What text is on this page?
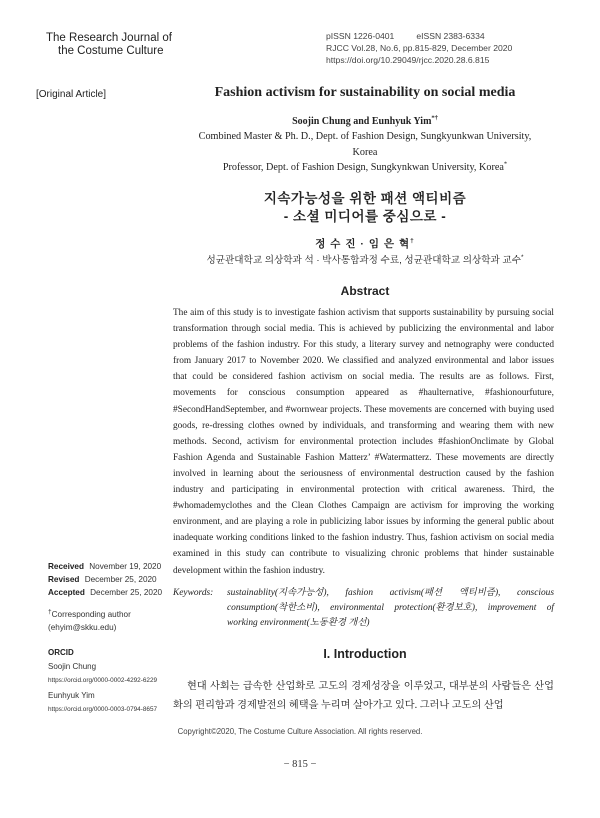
The Research Journal of
the Costume Culture
pISSN 1226-0401	eISSN 2383-6334
RJCC Vol.28, No.6, pp.815-829, December 2020
https://doi.org/10.29049/rjcc.2020.28.6.815
[Original Article]	Fashion activism for sustainability on social media
Soojin Chung and Eunhyuk Yim*†

Combined Master & Ph. D., Dept. of Fashion Design, Sungkyunkwan University,

Korea

Professor, Dept. of Fashion Design, Sungkynkwan University, Korea*

지속가능성을 위한 패션 액티비즘
- 소셜 미디어를 중심으로 -
정 수 진 · 임 은 혁†
성균관대학교 의상학과 석 · 박사통합과정 수료, 성균관대학교 의상학과 교수*
Abstract
The aim of this study is to investigate fashion activism that supports sustainability by pursuing social transformation through social media. This is achieved by publicizing the environmental and labor problems of the fashion industry. For this study, a literary survey and netnography were conducted from January 2017 to November 2020. We classified and analyzed environmental and labor issues that could be considered fashion activism on social media. The results are as follows. First, movements for conscious consumption appeared as #haulternative, #fashionourfuture, #SecondHandSeptember, and #wornwear projects. These movements are concerned with buying used goods, re-dressing clothes owned by individuals, and transforming and wearing them with new methods. Second, activism for environmental protection includes #fashionOnclimate by Global Fashion Agenda and Sustainable Fashion Matterz’ #Watermatterz. These movements are directly involved in learning about the seriousness of environmental destruction caused by the fashion industry and participating in environmental protection with critical awareness. Third, the #whomademyclothes and the Clean Clothes Campaign are activism for improving the working environment, and are playing a role in publicizing labor issues by informing the general public about inadequate working conditions linked to the fashion industry. Thus, fashion activism on social media examined in this study can contribute to visualizing chronic problems that hinder sustainable development within the fashion industry.
Received November 19, 2020
Revised December 25, 2020
Accepted December 25, 2020
†Corresponding author
(ehyim@skku.edu)
ORCID
Soojin Chung
https://orcid.org/0000-0002-4292-6229
Eunhyuk Yim
https://orcid.org/0000-0003-0794-8657
Keywords:	sustainablity(지속가능성), fashion activism(패션 액티비즘), conscious consumption(착한소비), environmental protection(환경보호), improvement of working environment(노동환경 개선)
I. Introduction
현대 사회는 급속한 산업화로 고도의 경제성장을 이루었고, 대부분의 사람들은 산업화의 편리함과 경제발전의 혜택을 누리며 살아가고 있다. 그러나 고도의 산업
Copyright©2020, The Costume Culture Association. All rights reserved.
− 815 −
